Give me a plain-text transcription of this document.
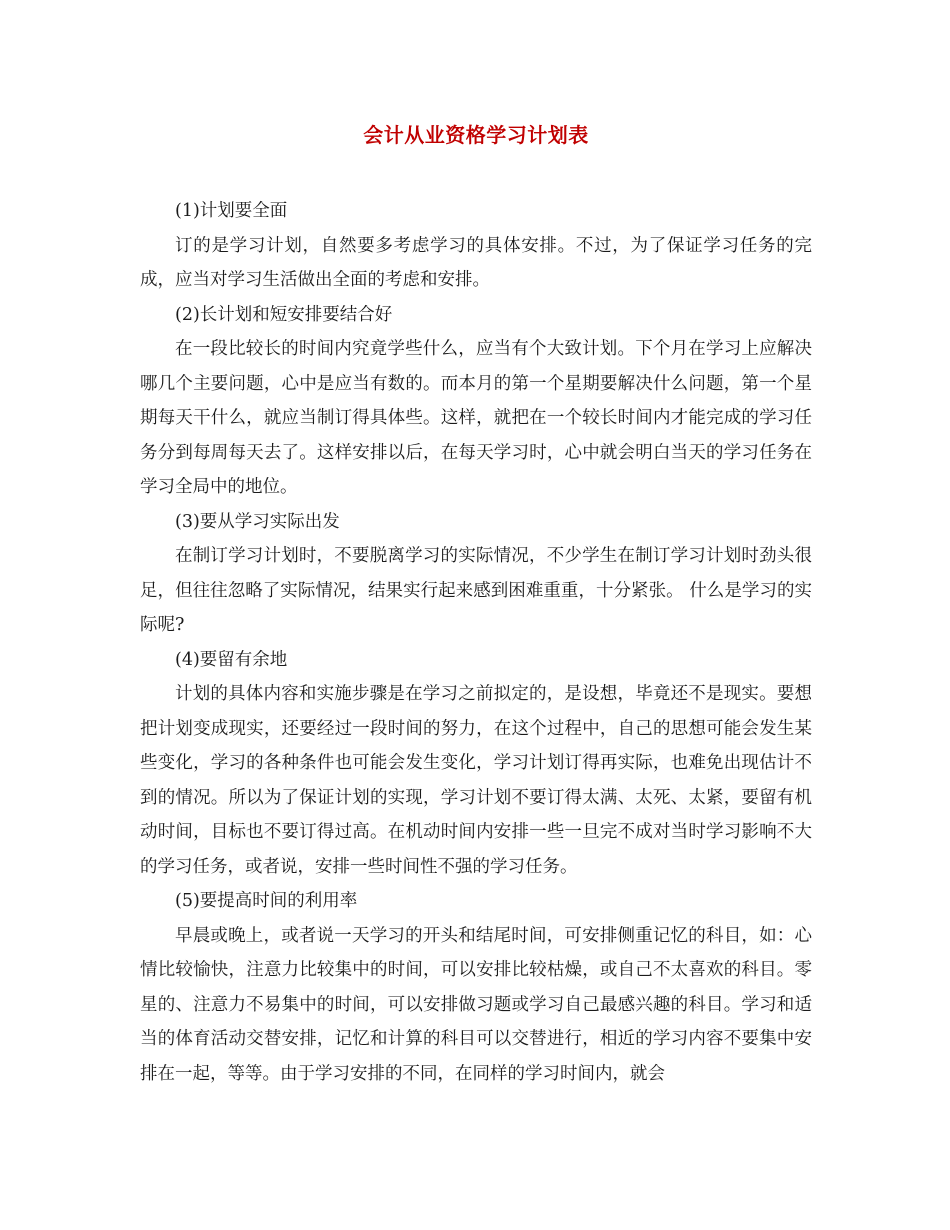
会计从业资格学习计划表

(1)计划要全面

订的是学习计划，自然要多考虑学习的具体安排。不过，为了保证学习任务的完成，应当对学习生活做出全面的考虑和安排。

(2)长计划和短安排要结合好

在一段比较长的时间内究竟学些什么，应当有个大致计划。下个月在学习上应解决哪几个主要问题，心中是应当有数的。而本月的第一个星期要解决什么问题，第一个星期每天干什么，就应当制订得具体些。这样，就把在一个较长时间内才能完成的学习任务分到每周每天去了。这样安排以后，在每天学习时，心中就会明白当天的学习任务在学习全局中的地位。

(3)要从学习实际出发

在制订学习计划时，不要脱离学习的实际情况，不少学生在制订学习计划时劲头很足，但往往忽略了实际情况，结果实行起来感到困难重重，十分紧张。 什么是学习的实际呢?

(4)要留有余地

计划的具体内容和实施步骤是在学习之前拟定的，是设想，毕竟还不是现实。要想把计划变成现实，还要经过一段时间的努力，在这个过程中，自己的思想可能会发生某些变化，学习的各种条件也可能会发生变化，学习计划订得再实际，也难免出现估计不到的情况。所以为了保证计划的实现，学习计划不要订得太满、太死、太紧，要留有机动时间，目标也不要订得过高。在机动时间内安排一些一旦完不成对当时学习影响不大的学习任务，或者说，安排一些时间性不强的学习任务。

(5)要提高时间的利用率

早晨或晚上，或者说一天学习的开头和结尾时间，可安排侧重记忆的科目，如：心情比较愉快，注意力比较集中的时间，可以安排比较枯燥，或自己不太喜欢的科目。零星的、注意力不易集中的时间，可以安排做习题或学习自己最感兴趣的科目。学习和适当的体育活动交替安排，记忆和计算的科目可以交替进行，相近的学习内容不要集中安排在一起，等等。由于学习安排的不同，在同样的学习时间内，就会
